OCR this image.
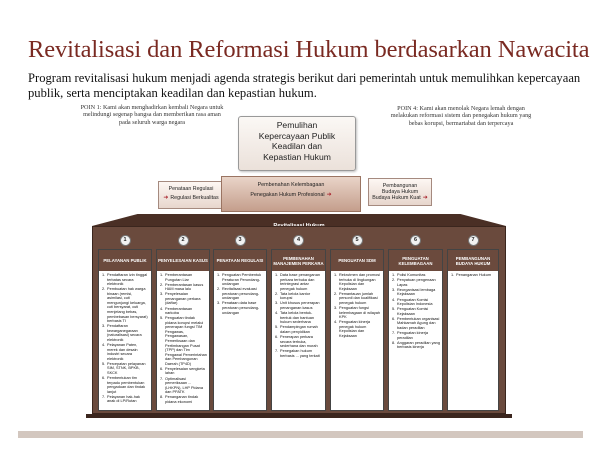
Revitalisasi dan Reformasi Hukum berdasarkan Nawacita
Program revitalisasi hukum menjadi agenda strategis berikut dari pemerintah untuk memulihkan kepercayaan publik, serta menciptakan keadilan dan kepastian hukum.
POIN 1: Kami akan menghadirkan kembali Negara untuk melindungi segenap bangsa dan memberikan rasa aman pada seluruh warga negara
POIN 4: Kami akan menolak Negara lemah dengan melakukan reformasi sistem dan penegakan hukum yang bebas korupsi, bermartabat dan terpercaya
Pemulihan
Kepercayaan Publik
Keadilan dan
Kepastian Hukum
Penataan Regulasi
➜ Regulasi Berkualitas
Pembenahan Kelembagaan
Penegakan Hukum Profesional ➜
Pembangunan
Budaya Hukum
Budaya Hukum Kuat ➜
1
PELAYANAN PUBLIK
1. Pendaftaran izin tinggal terbatas secara elektronik
2. Pembuatan hak warga binaan (remisi, asimilasi, cuti mengunjungi keluarga, cuti bersyarat, cuti menjelang bebas, pembebasan bersyarat) berbasis TI
3. Pendaftaran kewarganegaraan (naturalisasi) secara elektronik
4. Pelayanan Paten, merek dan desain industri secara elektronik
5. Percepatan pelayanan SIM, STNK, BPKB, SKCK
6. Pembentukan tim terpadu pembentukan pengaduan dan tindak lanjut
7. Pelayanan hak-hak anak di LP/Rutan
2
PENYELESAIAN KASUS
1. Pemberantasan Pungutan Liar
2. Pemberantasan kasus HAM masa lalu
3. Penyelesaian penanganan perkara (daftar)
4. Pemberantasan narkoba
5. Penguatan tindak pidana korupsi melalui penerapan fungsi TIM Pengawas, Pengawasan, Pemeriksaan dan Pertimbangan Pusat (TPP) dan Tim Pengawal Pemerintahan dan Pembangunan Daerah (TP4D)
6. Penyelesaian sengketa lahan
7. Optimalisasi pemeriksaan ... (LHKPN), LHP Pidana dan PPATK
8. Penanganan tindak pidana ekonomi
3
PENATAAN REGULASI
1. Penguatan Pembentuk Peraturan Perundang-undangan
2. Revitalisasi evaluasi peraturan perundang-undangan
3. Penataan data base peraturan perundang-undangan
4
PEMBENAHAN MANAJEMEN PERKARA
1. Data base penanganan perkara terbuka dan terintegrasi antar penegak hukum
2. Tata kelola kantor korupsi
3. Unit khusus penerapan penanganan kasus
4. Tata kelola bentuk-bentuk dan bantuan hukum sederhana
5. Pendampingan rumah dalam penyidikan
6. Penerapan perkara secara terbuka, sederhana dan murah
7. Penegakan hukum berbasis ... yang terkait
5
PENGUATAN SDM
1. Rekrutmen dan promosi terbuka di lingkungan Kepolisian dan Kejaksaan
2. Pemantauan jumlah personil dan kualifikasi penegak hukum
3. Penguatan fungsi kelembagaan di wilayah KPK
4. Penguatan kinerja penegak hukum Kepolisian dan Kejaksaan
6
PENGUATAN KELEMBAGAAN
1. Polisi Komunitas
2. Penyatuan pengenaan Lapas
3. Reorganisasi lembaga Kejaksaan
4. Penguatan Komisi Kepolisian Indonesia
5. Penguatan Komisi Kejaksaan
6. Pembentukan organisasi Mahkamah Agung dan badan peradilan
7. Penguatan kinerja peradilan
8. Anggaran peradilan yang berbasis kinerja
7
PEMBANGUNAN BUDAYA HUKUM
1. Penanganan Hukum
